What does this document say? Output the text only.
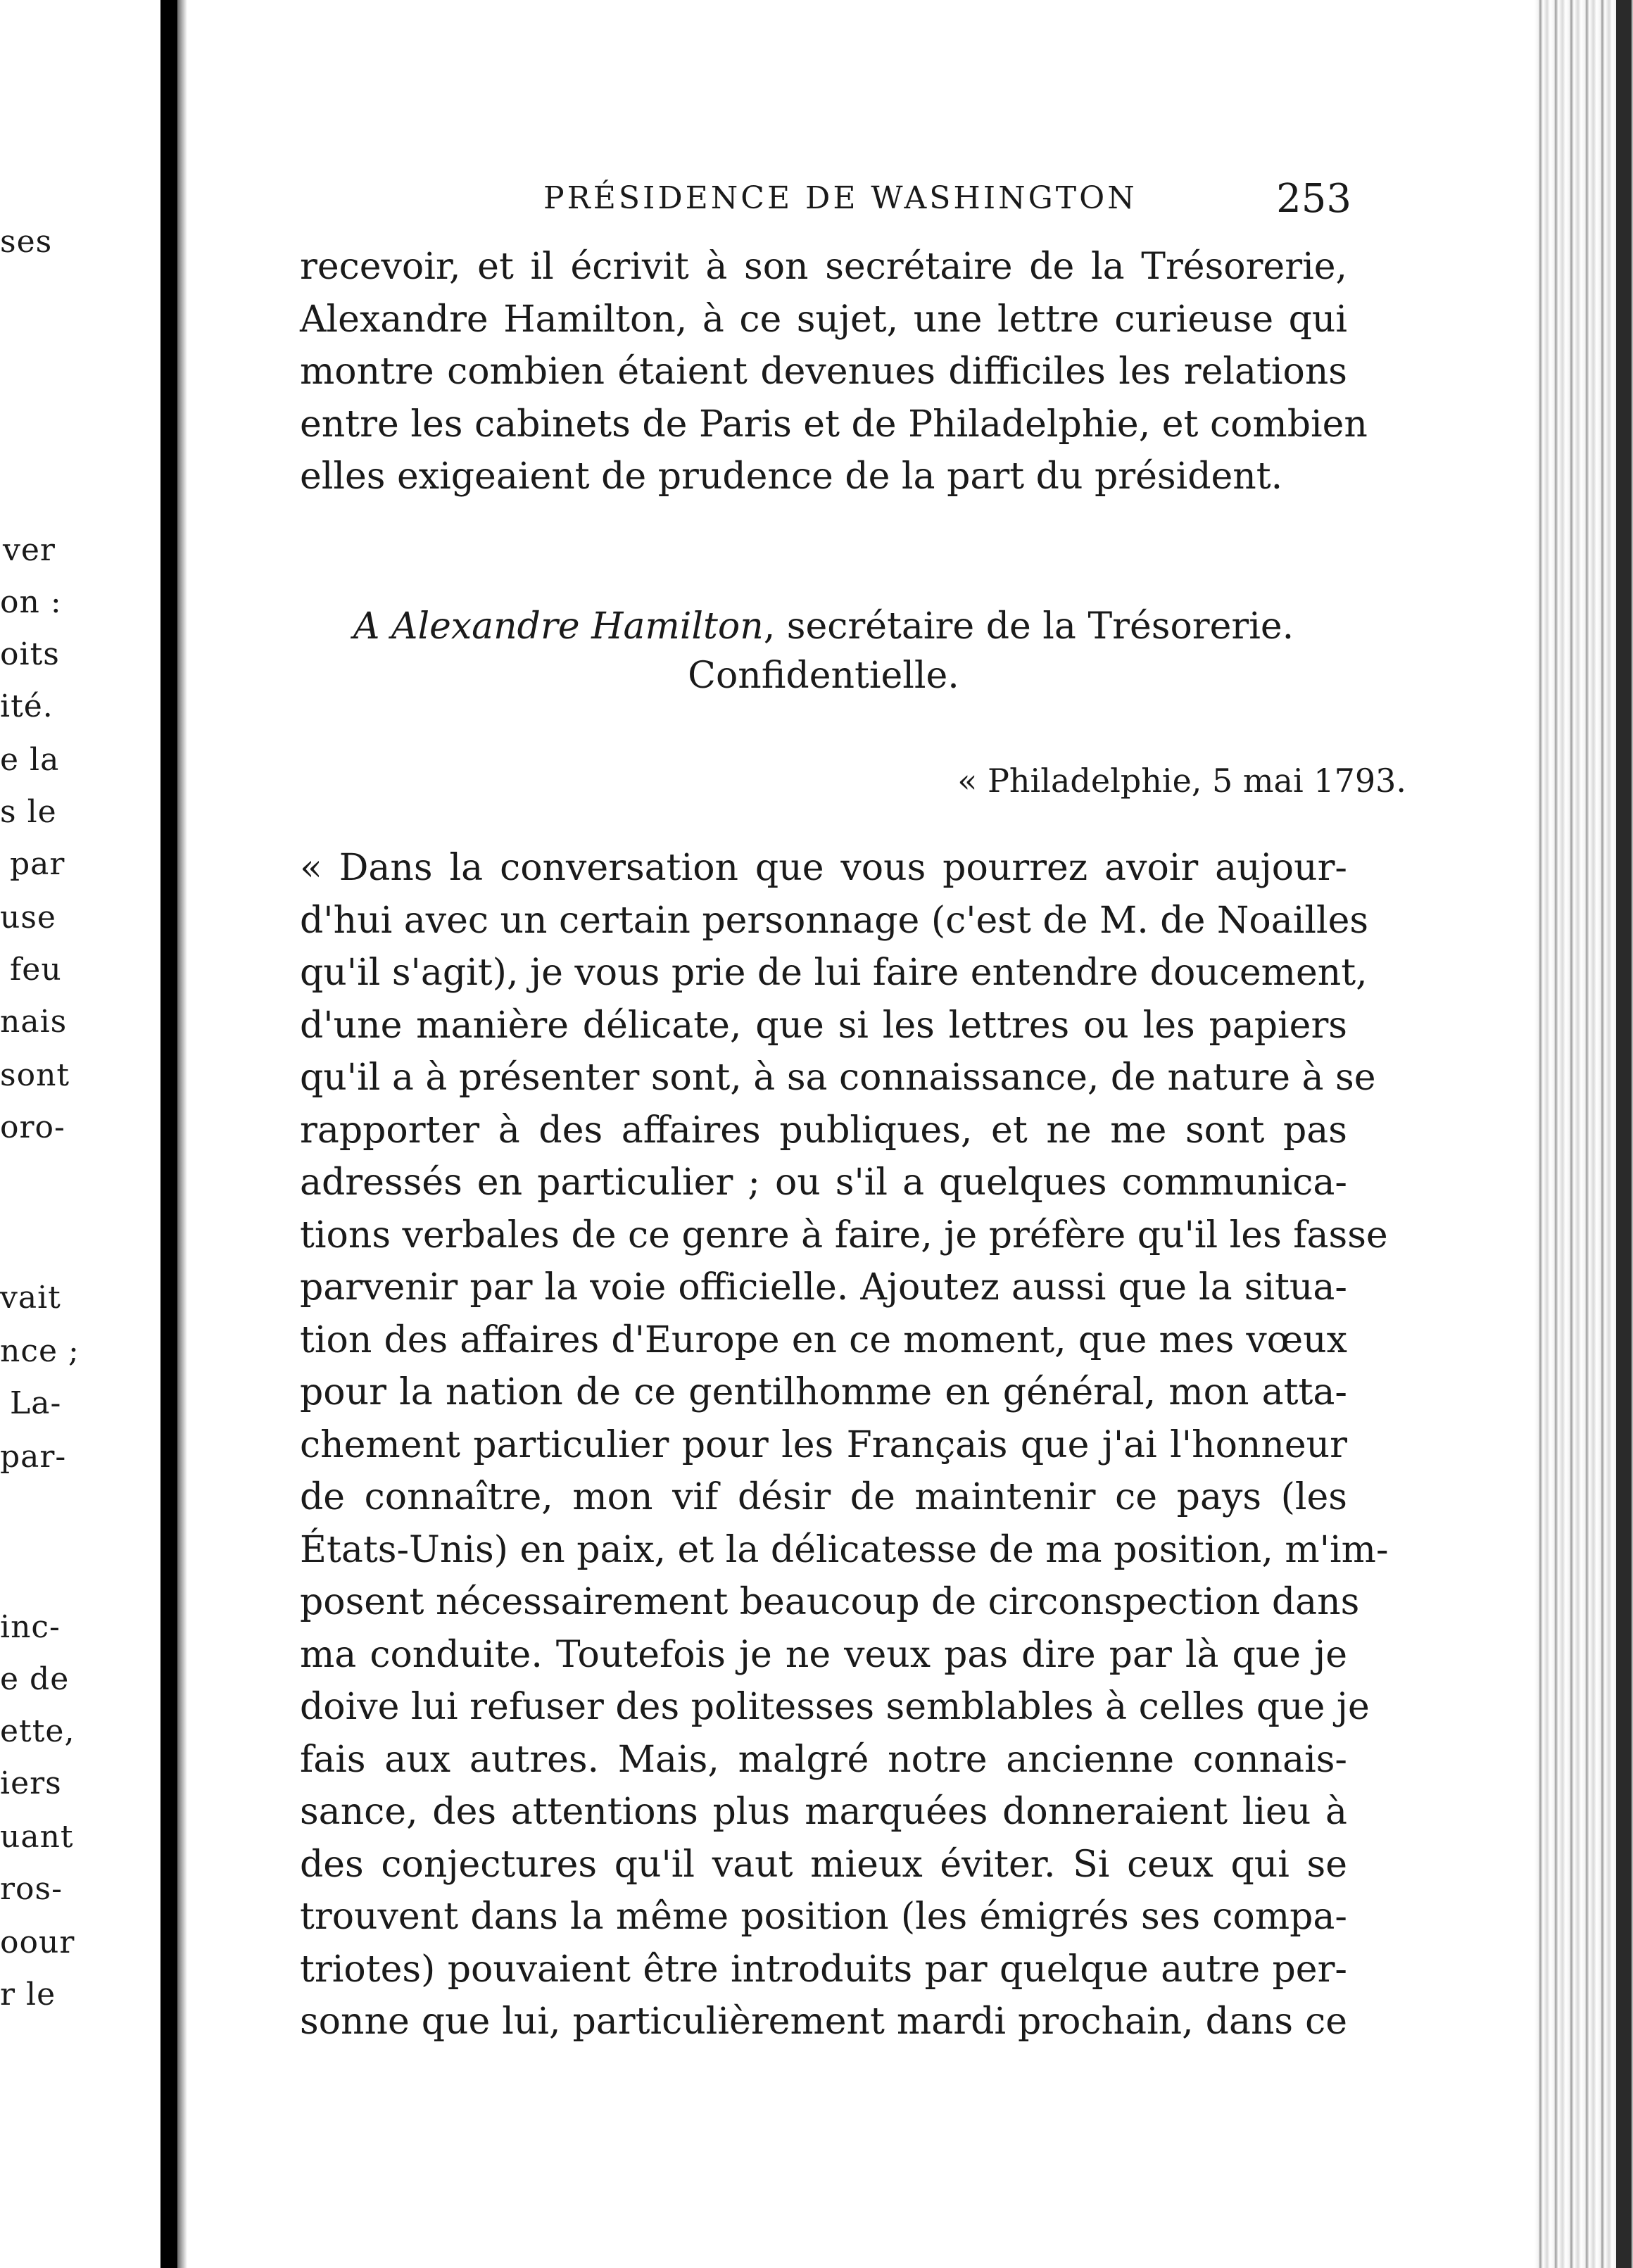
ses
ver
on :
oits
ité.
e la
s le
par
use
feu
nais
sont
oro-
vait
nce ;
La-
par-
inc-
e de
ette,
iers
uant
ros-
oour
r le
PRÉSIDENCE DE WASHINGTON	253
recevoir, et il écrivit à son secrétaire de la Trésorerie,
Alexandre Hamilton, à ce sujet, une lettre curieuse qui
montre combien étaient devenues difficiles les relations
entre les cabinets de Paris et de Philadelphie, et combien
elles exigeaient de prudence de la part du président.
A Alexandre Hamilton, secrétaire de la Trésorerie.
Confidentielle.
« Philadelphie, 5 mai 1793.
« Dans la conversation que vous pourrez avoir aujour-
d'hui avec un certain personnage (c'est de M. de Noailles
qu'il s'agit), je vous prie de lui faire entendre doucement,
d'une manière délicate, que si les lettres ou les papiers
qu'il a à présenter sont, à sa connaissance, de nature à se
rapporter à des affaires publiques, et ne me sont pas
adressés en particulier ; ou s'il a quelques communica-
tions verbales de ce genre à faire, je préfère qu'il les fasse
parvenir par la voie officielle. Ajoutez aussi que la situa-
tion des affaires d'Europe en ce moment, que mes vœux
pour la nation de ce gentilhomme en général, mon atta-
chement particulier pour les Français que j'ai l'honneur
de connaître, mon vif désir de maintenir ce pays (les
États-Unis) en paix, et la délicatesse de ma position, m'im-
posent nécessairement beaucoup de circonspection dans
ma conduite. Toutefois je ne veux pas dire par là que je
doive lui refuser des politesses semblables à celles que je
fais aux autres. Mais, malgré notre ancienne connais-
sance, des attentions plus marquées donneraient lieu à
des conjectures qu'il vaut mieux éviter. Si ceux qui se
trouvent dans la même position (les émigrés ses compa-
triotes) pouvaient être introduits par quelque autre per-
sonne que lui, particulièrement mardi prochain, dans ce
